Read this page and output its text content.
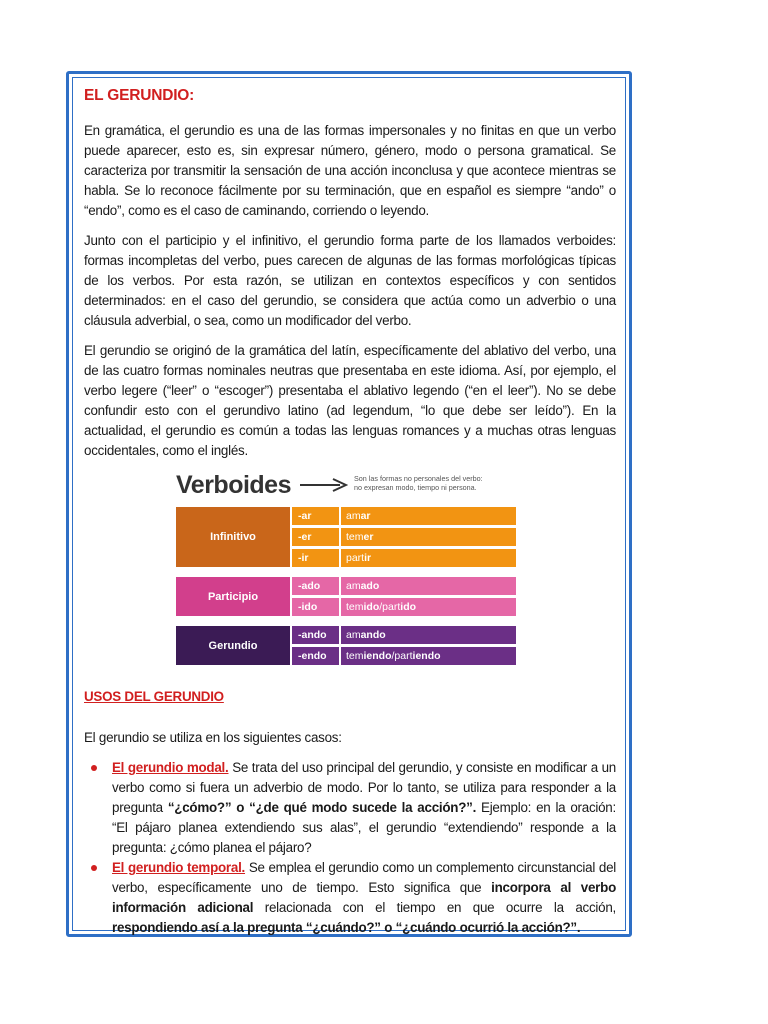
EL GERUNDIO:

En gramática, el gerundio es una de las formas impersonales y no finitas en que un verbo puede aparecer, esto es, sin expresar número, género, modo o persona gramatical. Se caracteriza por transmitir la sensación de una acción inconclusa y que acontece mientras se habla. Se lo reconoce fácilmente por su terminación, que en español es siempre “ando” o “endo”, como es el caso de caminando, corriendo o leyendo.

Junto con el participio y el infinitivo, el gerundio forma parte de los llamados verboides: formas incompletas del verbo, pues carecen de algunas de las formas morfológicas típicas de los verbos. Por esta razón, se utilizan en contextos específicos y con sentidos determinados: en el caso del gerundio, se considera que actúa como un adverbio o una cláusula adverbial, o sea, como un modificador del verbo.

El gerundio se originó de la gramática del latín, específicamente del ablativo del verbo, una de las cuatro formas nominales neutras que presentaba en este idioma. Así, por ejemplo, el verbo legere (“leer” o “escoger”) presentaba el ablativo legendo (“en el leer”). No se debe confundir esto con el gerundivo latino (ad legendum, “lo que debe ser leído”). En la actualidad, el gerundio es común a todas las lenguas romances y a muchas otras lenguas occidentales, como el inglés.

Verboides	Son las formas no personales del verbo:
no expresan modo, tiempo ni persona.
Infinitivo
-ar	amar
-er	temer
-ir	partir
Participio
-ado	amado
-ido	temido/partido
Gerundio
-ando	amando
-endo	temiendo/partiendo
USOS DEL GERUNDIO

El gerundio se utiliza en los siguientes casos:

El gerundio modal. Se trata del uso principal del gerundio, y consiste en modificar a un verbo como si fuera un adverbio de modo. Por lo tanto, se utiliza para responder a la pregunta “¿cómo?” o “¿de qué modo sucede la acción?”. Ejemplo: en la oración: “El pájaro planea extendiendo sus alas”, el gerundio “extendiendo” responde a la pregunta: ¿cómo planea el pájaro?
El gerundio temporal. Se emplea el gerundio como un complemento circunstancial del verbo, específicamente uno de tiempo. Esto significa que incorpora al verbo información adicional relacionada con el tiempo en que ocurre la acción, respondiendo así a la pregunta “¿cuándo?” o “¿cuándo ocurrió la acción?”.
